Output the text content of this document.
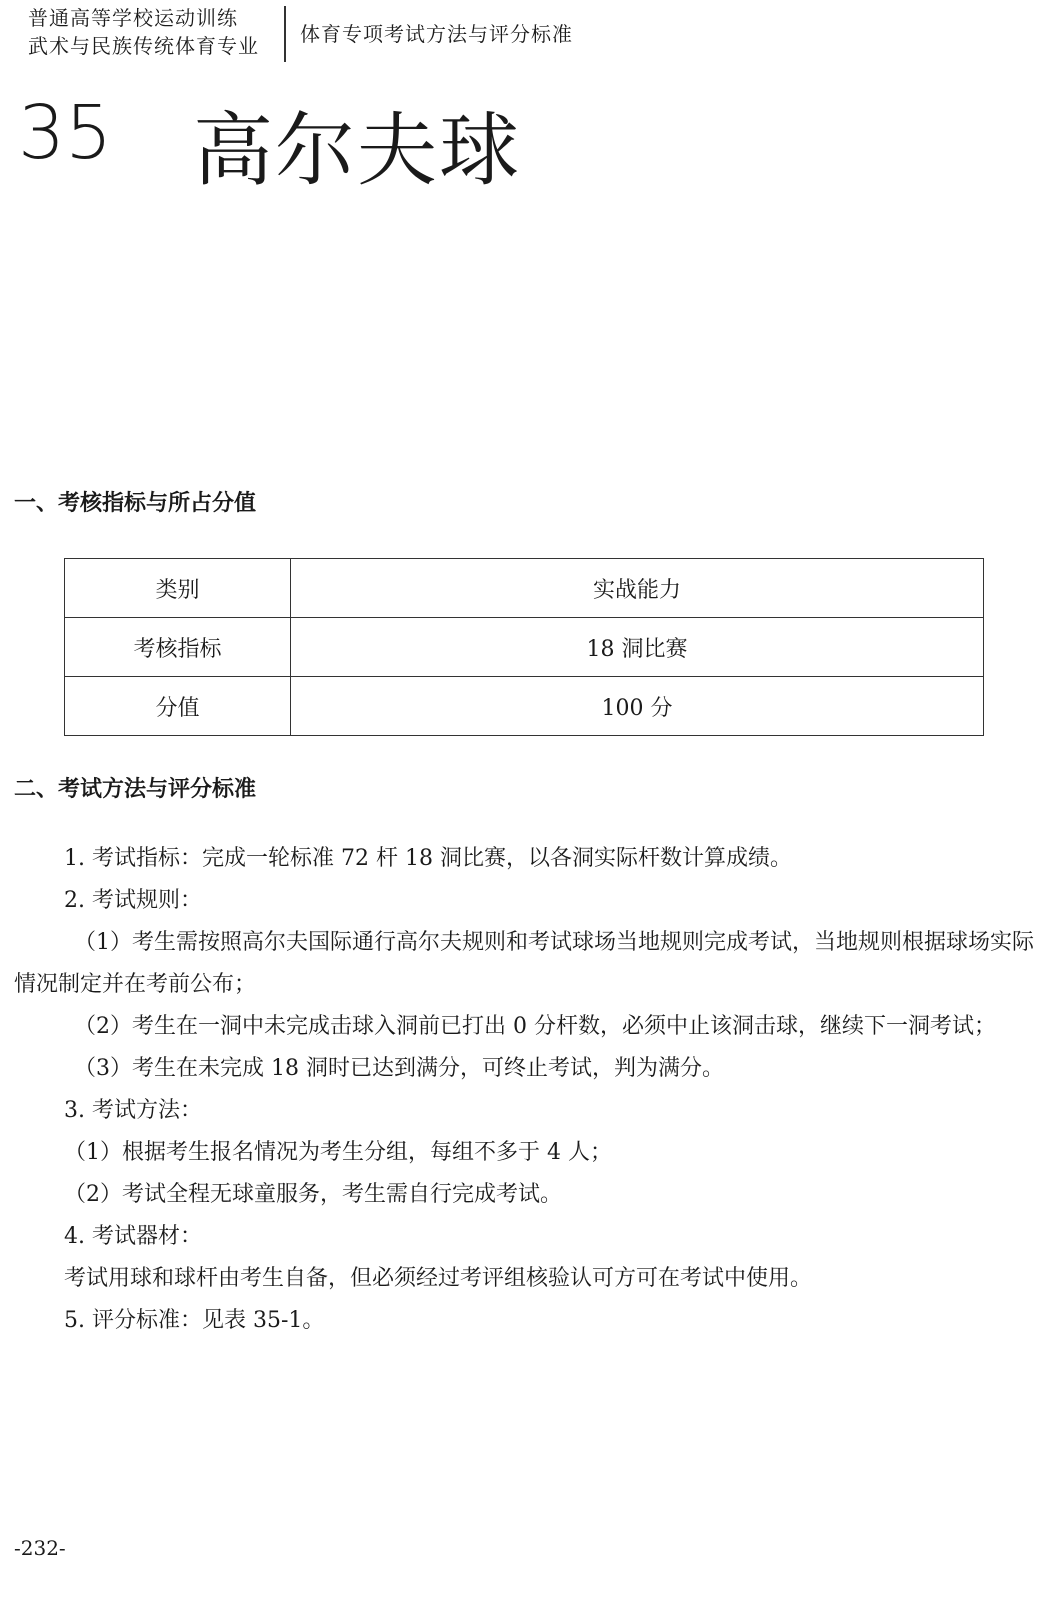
普通高等学校运动训练
武术与民族传统体育专业	体育专项考试方法与评分标准
35 高尔夫球
一、考核指标与所占分值
类别	实战能力
考核指标	18 洞比赛
分值	100 分
二、考试方法与评分标准

1. 考试指标：完成一轮标准 72 杆 18 洞比赛，以各洞实际杆数计算成绩。

2. 考试规则：

（1）考生需按照高尔夫国际通行高尔夫规则和考试球场当地规则完成考试，当地规则根据球场实际情况制定并在考前公布；

（2）考生在一洞中未完成击球入洞前已打出 0 分杆数，必须中止该洞击球，继续下一洞考试；

（3）考生在未完成 18 洞时已达到满分，可终止考试，判为满分。

3. 考试方法：

（1）根据考生报名情况为考生分组，每组不多于 4 人；

（2）考试全程无球童服务，考生需自行完成考试。

4. 考试器材：

考试用球和球杆由考生自备，但必须经过考评组核验认可方可在考试中使用。

5. 评分标准：见表 35-1。

-232-
